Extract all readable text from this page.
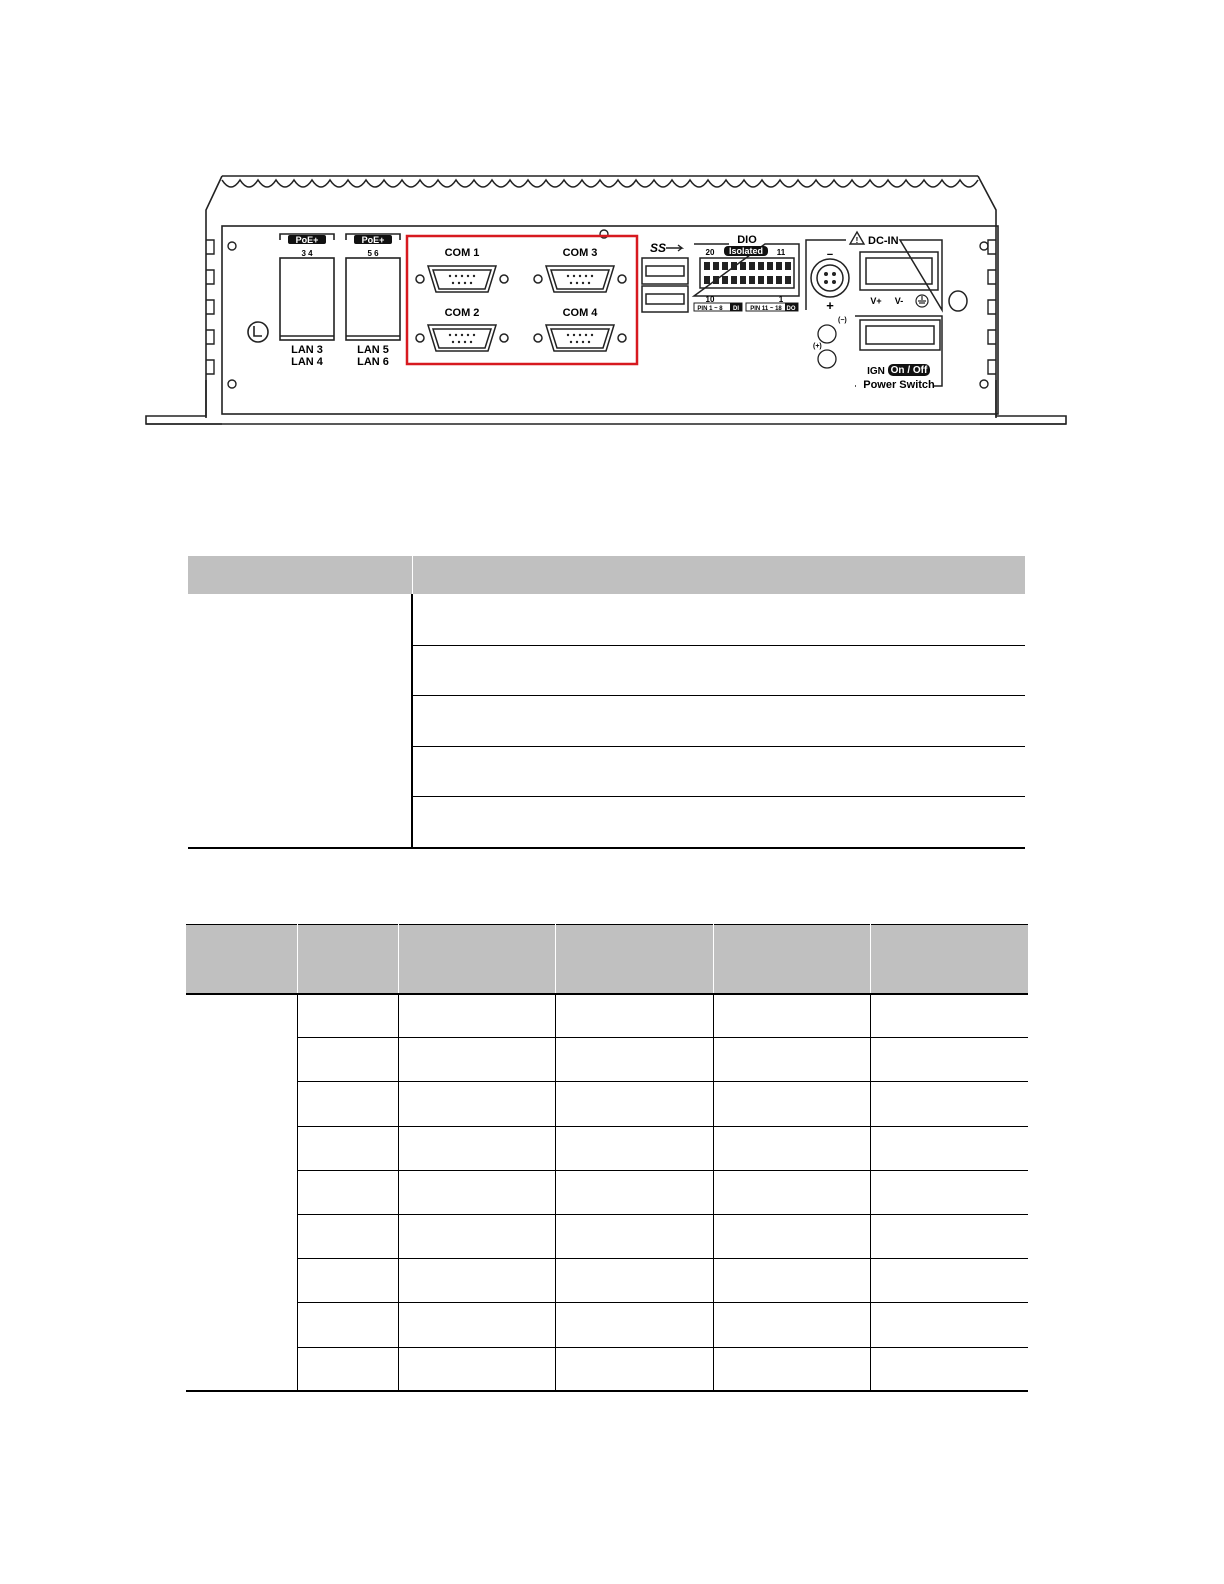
PoE+
3 4
LAN 3
LAN 4
PoE+
5 6
LAN 5
LAN 6
COM 1	COM 3
COM 2	COM 4
SS
DIO
Isolated
20	11
10	1
PIN 1 ~ 8 DI PIN 11 ~ 18 DO
! DC-IN
−
+	V+ V-
(−)
(+)
IGN On / Off
Power Switch
